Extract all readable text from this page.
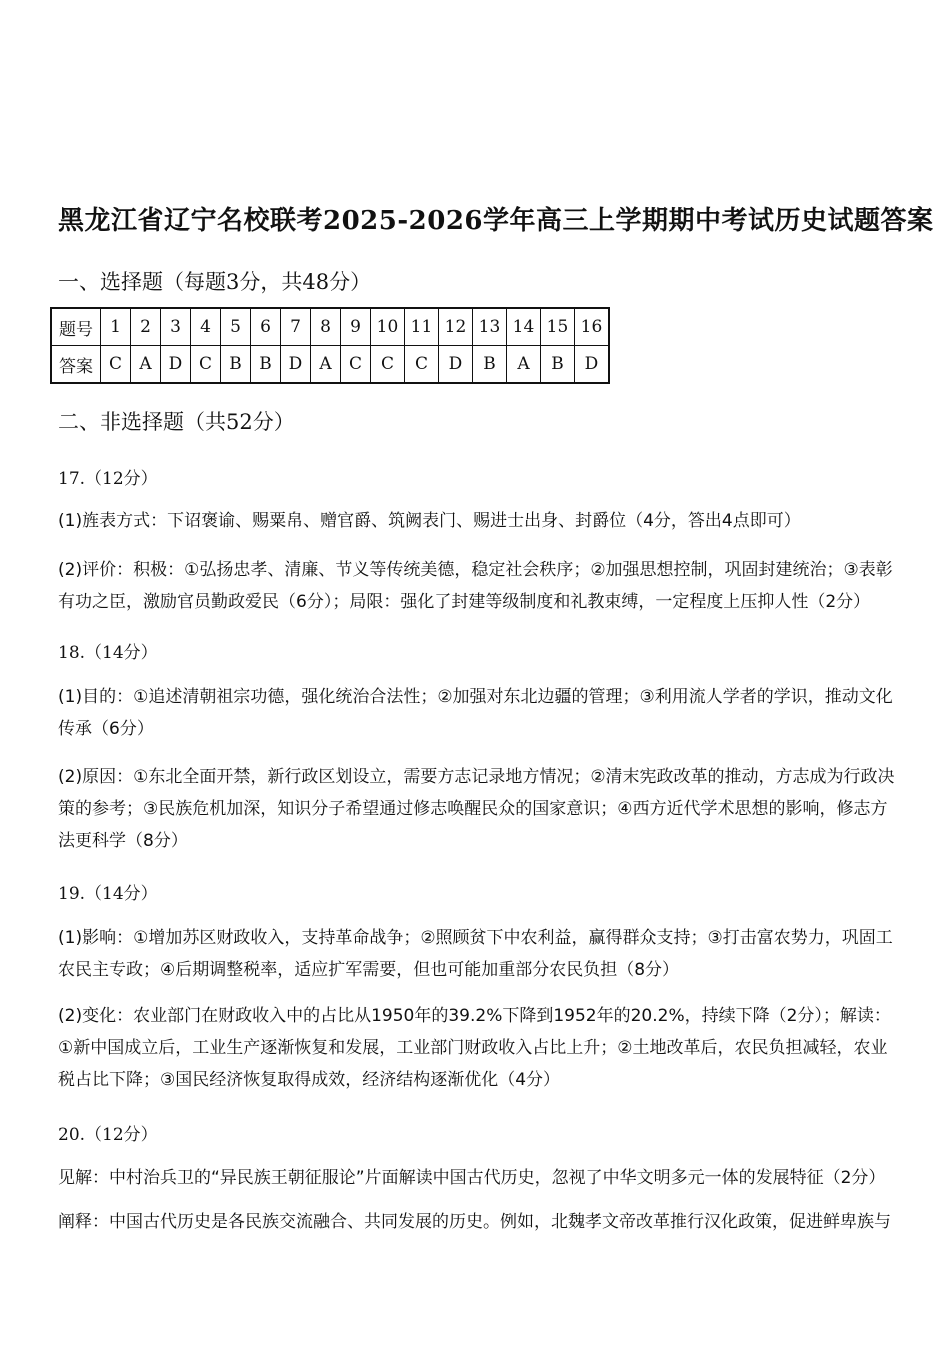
黑龙江省辽宁名校联考2025-2026学年高三上学期期中考试历史试题答案
一、选择题（每题3分，共48分）
题号	1	2	3	4	5	6	7	8	9	10	11	12	13	14	15	16
答案	C	A	D	C	B	B	D	A	C	C	C	D	B	A	B	D
二、非选择题（共52分）
17.（12分）
(1)旌表方式：下诏褒谕、赐粟帛、赠官爵、筑阙表门、赐进士出身、封爵位（4分，答出4点即可）
(2)评价：积极：①弘扬忠孝、清廉、节义等传统美德，稳定社会秩序；②加强思想控制，巩固封建统治；③表彰有功之臣，激励官员勤政爱民（6分）；局限：强化了封建等级制度和礼教束缚，一定程度上压抑人性（2分）
18.（14分）
(1)目的：①追述清朝祖宗功德，强化统治合法性；②加强对东北边疆的管理；③利用流人学者的学识，推动文化传承（6分）
(2)原因：①东北全面开禁，新行政区划设立，需要方志记录地方情况；②清末宪政改革的推动，方志成为行政决策的参考；③民族危机加深，知识分子希望通过修志唤醒民众的国家意识；④西方近代学术思想的影响，修志方法更科学（8分）
19.（14分）
(1)影响：①增加苏区财政收入，支持革命战争；②照顾贫下中农利益，赢得群众支持；③打击富农势力，巩固工农民主专政；④后期调整税率，适应扩军需要，但也可能加重部分农民负担（8分）
(2)变化：农业部门在财政收入中的占比从1950年的39.2%下降到1952年的20.2%，持续下降（2分）；解读：①新中国成立后，工业生产逐渐恢复和发展，工业部门财政收入占比上升；②土地改革后，农民负担减轻，农业税占比下降；③国民经济恢复取得成效，经济结构逐渐优化（4分）
20.（12分）
见解：中村治兵卫的“异民族王朝征服论”片面解读中国古代历史，忽视了中华文明多元一体的发展特征（2分）
阐释：中国古代历史是各民族交流融合、共同发展的历史。例如，北魏孝文帝改革推行汉化政策，促进鲜卑族与
